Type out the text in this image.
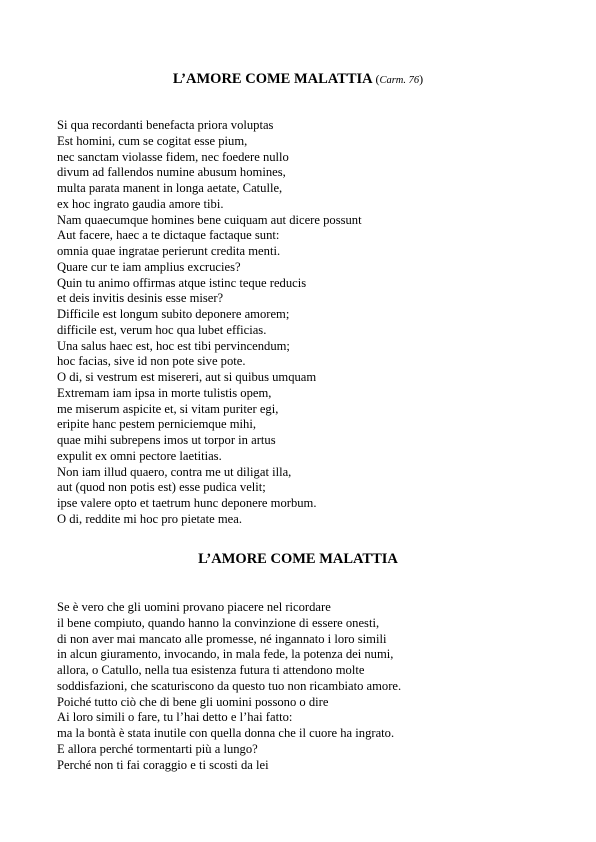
L’AMORE COME MALATTIA (Carm. 76)
Si qua recordanti benefacta priora voluptas
Est homini, cum se cogitat esse pium,
nec sanctam violasse fidem, nec foedere nullo
divum ad fallendos numine abusum homines,
multa parata manent in longa aetate, Catulle,
ex hoc ingrato gaudia amore tibi.
Nam quaecumque homines bene cuiquam aut dicere possunt
Aut facere, haec a te dictaque factaque sunt:
omnia quae ingratae perierunt credita menti.
Quare cur te iam amplius excrucies?
Quin tu animo offirmas atque istinc teque reducis
et deis invitis desinis esse miser?
Difficile est longum subito deponere amorem;
difficile est, verum hoc qua lubet efficias.
Una salus haec est, hoc est tibi pervincendum;
hoc facias, sive id non pote sive pote.
O di, si vestrum est misereri, aut si quibus umquam
Extremam iam ipsa in morte tulistis opem,
me miserum aspicite et, si vitam puriter egi,
eripite hanc pestem perniciemque mihi,
quae mihi subrepens imos ut torpor in artus
expulit ex omni pectore laetitias.
Non iam illud quaero, contra me ut diligat illa,
aut (quod non potis est) esse pudica velit;
ipse valere opto et taetrum hunc deponere morbum.
O di, reddite mi hoc pro pietate mea.
L’AMORE COME MALATTIA
Se è vero che gli uomini provano piacere nel ricordare
il bene compiuto, quando hanno la convinzione di essere onesti,
di non aver mai mancato alle promesse, né ingannato i loro simili
in alcun giuramento, invocando, in mala fede, la potenza dei numi,
allora, o Catullo, nella tua esistenza futura ti attendono molte
soddisfazioni, che scaturiscono da questo tuo non ricambiato amore.
Poiché tutto ciò che di bene gli uomini possono o dire
Ai loro simili o fare, tu l’hai detto e l’hai fatto:
ma la bontà è stata inutile con quella donna che il cuore ha ingrato.
E allora perché tormentarti più a lungo?
Perché non ti fai coraggio e ti scosti da lei
